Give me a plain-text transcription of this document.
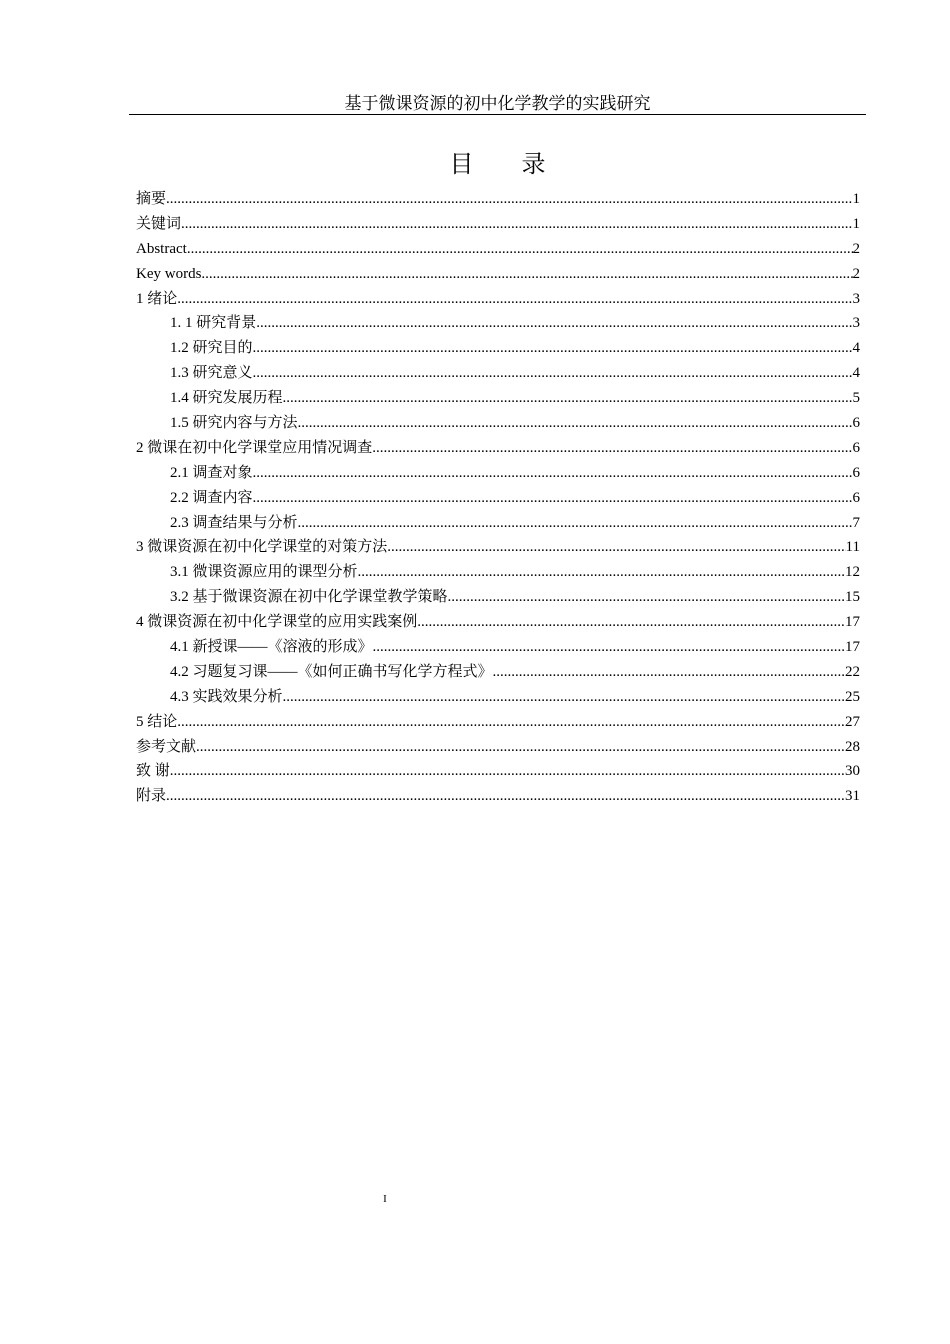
基于微课资源的初中化学教学的实践研究
目 录
摘要 .....	1
关键词 .....	1
Abstract .....	2
Key words .....	2
1 绪论 .....	3
1. 1 研究背景 .....	3
1.2 研究目的 .....	4
1.3 研究意义 .....	4
1.4 研究发展历程 .....	5
1.5 研究内容与方法 .....	6
2 微课在初中化学课堂应用情况调查 .....	6
2.1 调查对象 .....	6
2.2 调查内容 .....	6
2.3 调查结果与分析 .....	7
3 微课资源在初中化学课堂的对策方法 .....	11
3.1 微课资源应用的课型分析 .....	12
3.2 基于微课资源在初中化学课堂教学策略 .....	15
4 微课资源在初中化学课堂的应用实践案例 .....	17
4.1 新授课——《溶液的形成》 .....	17
4.2 习题复习课——《如何正确书写化学方程式》 .....	22
4.3 实践效果分析 .....	25
5 结论 .....	27
参考文献 .....	28
致 谢 .....	30
附录 .....	31
I
